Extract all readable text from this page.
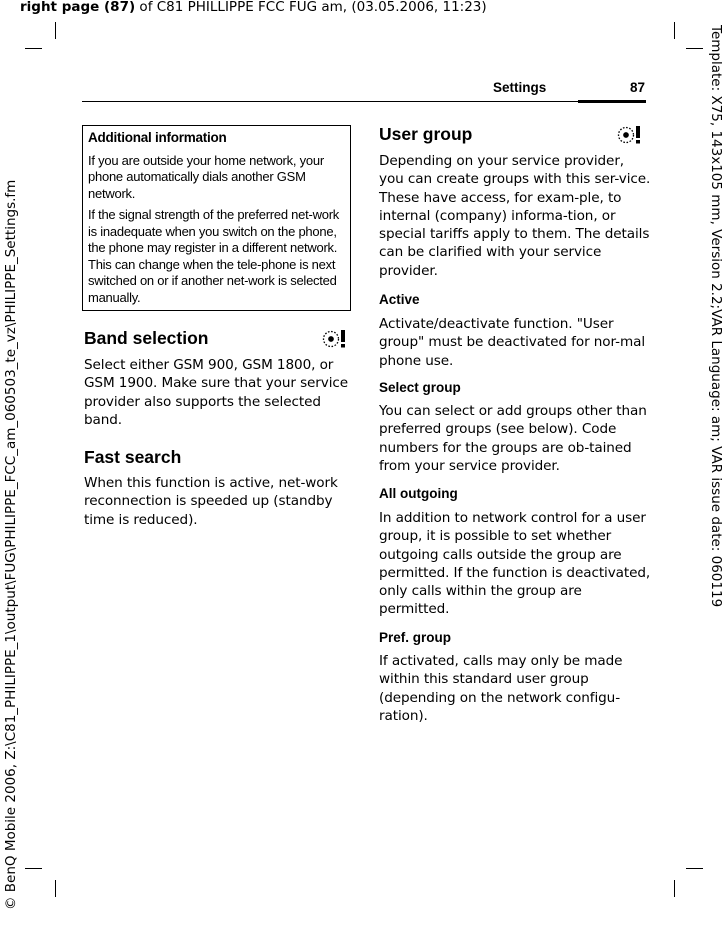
right page (87) of C81 PHILLIPPE FCC FUG am, (03.05.2006, 11:23)
© BenQ Mobile 2006, Z:\C81_PHILIPPE_1\output\FUG\PHILIPPE_FCC_am_060503_te_vz\PHILIPPE_Settings.fm	Template: X75, 143x105 mm, Version 2.2;VAR Language: am; VAR issue date: 060119
Settings	87
Additional information

If you are outside your home network, your phone automatically dials another GSM network.

If the signal strength of the preferred net-work is inadequate when you switch on the phone, the phone may register in a different network. This can change when the tele-phone is next switched on or if another net-work is selected manually.

Band selection
Select either GSM 900, GSM 1800, or GSM 1900. Make sure that your service provider also supports the selected band.
Fast search
When this function is active, net-work reconnection is speeded up (standby time is reduced).
User group
Depending on your service provider, you can create groups with this ser-vice. These have access, for exam-ple, to internal (company) informa-tion, or special tariffs apply to them. The details can be clarified with your service provider.
Active
Activate/deactivate function. "User group" must be deactivated for nor-mal phone use.
Select group
You can select or add groups other than preferred groups (see below). Code numbers for the groups are ob-tained from your service provider.
All outgoing
In addition to network control for a user group, it is possible to set whether outgoing calls outside the group are permitted. If the function is deactivated, only calls within the group are permitted.
Pref. group
If activated, calls may only be made within this standard user group (depending on the network configu-ration).
